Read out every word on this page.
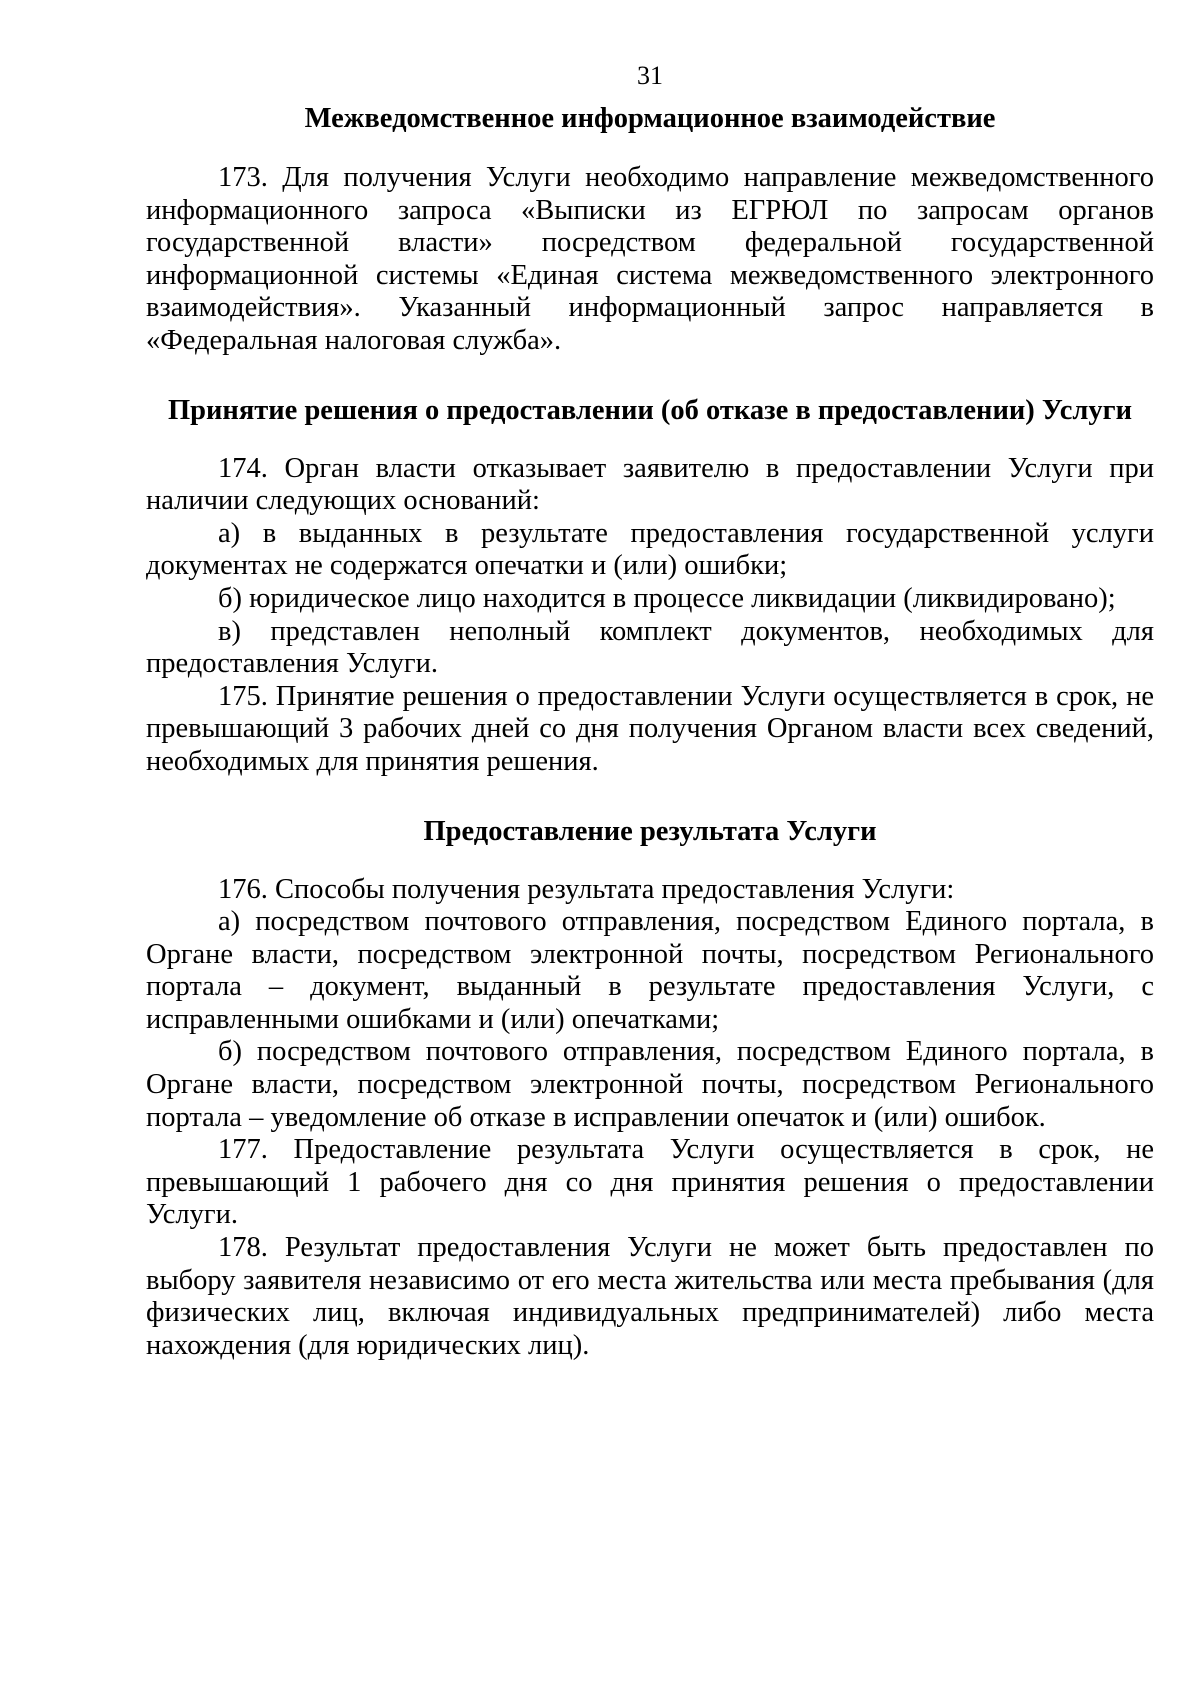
31
Межведомственное информационное взаимодействие

173. Для получения Услуги необходимо направление межведомственного информационного запроса «Выписки из ЕГРЮЛ по запросам органов государственной власти» посредством федеральной государственной информационной системы «Единая система межведомственного электронного взаимодействия». Указанный информационный запрос направляется в «Федеральная налоговая служба».

Принятие решения о предоставлении (об отказе в предоставлении) Услуги

174. Орган власти отказывает заявителю в предоставлении Услуги при наличии следующих оснований:

а) в выданных в результате предоставления государственной услуги документах не содержатся опечатки и (или) ошибки;

б) юридическое лицо находится в процессе ликвидации (ликвидировано);

в) представлен неполный комплект документов, необходимых для предоставления Услуги.

175. Принятие решения о предоставлении Услуги осуществляется в срок, не превышающий 3 рабочих дней со дня получения Органом власти всех сведений, необходимых для принятия решения.

Предоставление результата Услуги

176. Способы получения результата предоставления Услуги:

а) посредством почтового отправления, посредством Единого портала, в Органе власти, посредством электронной почты, посредством Регионального портала – документ, выданный в результате предоставления Услуги, с исправленными ошибками и (или) опечатками;

б) посредством почтового отправления, посредством Единого портала, в Органе власти, посредством электронной почты, посредством Регионального портала – уведомление об отказе в исправлении опечаток и (или) ошибок.

177. Предоставление результата Услуги осуществляется в срок, не превышающий 1 рабочего дня со дня принятия решения о предоставлении Услуги.

178. Результат предоставления Услуги не может быть предоставлен по выбору заявителя независимо от его места жительства или места пребывания (для физических лиц, включая индивидуальных предпринимателей) либо места нахождения (для юридических лиц).
